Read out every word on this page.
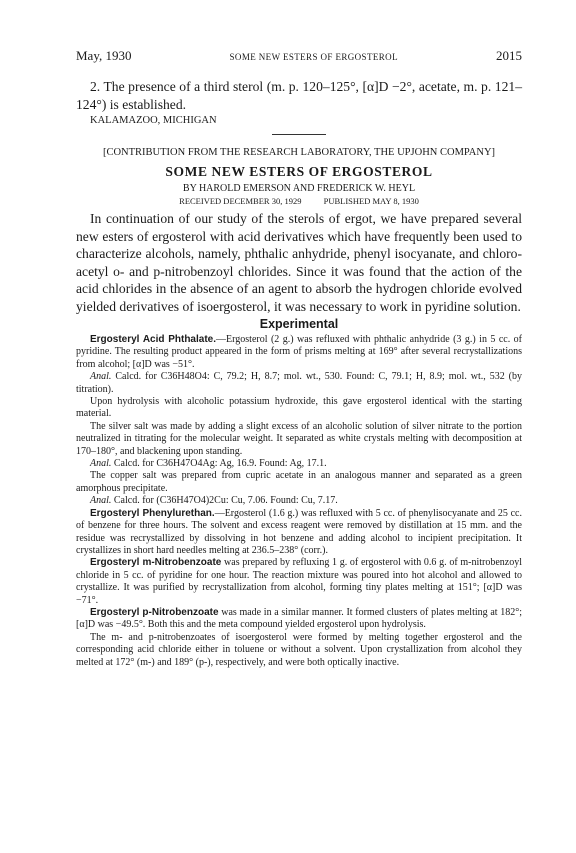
May, 1930	SOME NEW ESTERS OF ERGOSTEROL	2015
2. The presence of a third sterol (m. p. 120–125°, [α]D −2°, acetate, m. p. 121–124°) is established.
KALAMAZOO, MICHIGAN
[CONTRIBUTION FROM THE RESEARCH LABORATORY, THE UPJOHN COMPANY]
SOME NEW ESTERS OF ERGOSTEROL
BY HAROLD EMERSON AND FREDERICK W. HEYL
RECEIVED DECEMBER 30, 1929	PUBLISHED MAY 8, 1930
In continuation of our study of the sterols of ergot, we have prepared several new esters of ergosterol with acid derivatives which have frequently been used to characterize alcohols, namely, phthalic anhydride, phenyl isocyanate, and chloro-acetyl o- and p-nitrobenzoyl chlorides. Since it was found that the action of the acid chlorides in the absence of an agent to absorb the hydrogen chloride evolved yielded derivatives of isoergosterol, it was necessary to work in pyridine solution.
Experimental

Ergosteryl Acid Phthalate.—Ergosterol (2 g.) was refluxed with phthalic anhydride (3 g.) in 5 cc. of pyridine. The resulting product appeared in the form of prisms melting at 169° after several recrystallizations from alcohol; [α]D was −51°.

Anal. Calcd. for C36H48O4: C, 79.2; H, 8.7; mol. wt., 530. Found: C, 79.1; H, 8.9; mol. wt., 532 (by titration).

Upon hydrolysis with alcoholic potassium hydroxide, this gave ergosterol identical with the starting material.

The silver salt was made by adding a slight excess of an alcoholic solution of silver nitrate to the portion neutralized in titrating for the molecular weight. It separated as white crystals melting with decomposition at 170–180°, and blackening upon standing.

Anal. Calcd. for C36H47O4Ag: Ag, 16.9. Found: Ag, 17.1.

The copper salt was prepared from cupric acetate in an analogous manner and separated as a green amorphous precipitate.

Anal. Calcd. for (C36H47O4)2Cu: Cu, 7.06. Found: Cu, 7.17.

Ergosteryl Phenylurethan.—Ergosterol (1.6 g.) was refluxed with 5 cc. of phenylisocyanate and 25 cc. of benzene for three hours. The solvent and excess reagent were removed by distillation at 15 mm. and the residue was recrystallized by dissolving in hot benzene and adding alcohol to incipient precipitation. It crystallizes in short hard needles melting at 236.5–238° (corr.).

Ergosteryl m-Nitrobenzoate was prepared by refluxing 1 g. of ergosterol with 0.6 g. of m-nitrobenzoyl chloride in 5 cc. of pyridine for one hour. The reaction mixture was poured into hot alcohol and allowed to crystallize. It was purified by recrystallization from alcohol, forming tiny plates melting at 151°; [α]D was −71°.

Ergosteryl p-Nitrobenzoate was made in a similar manner. It formed clusters of plates melting at 182°; [α]D was −49.5°. Both this and the meta compound yielded ergosterol upon hydrolysis.

The m- and p-nitrobenzoates of isoergosterol were formed by melting together ergosterol and the corresponding acid chloride either in toluene or without a solvent. Upon crystallization from alcohol they melted at 172° (m-) and 189° (p-), respectively, and were both optically inactive.
